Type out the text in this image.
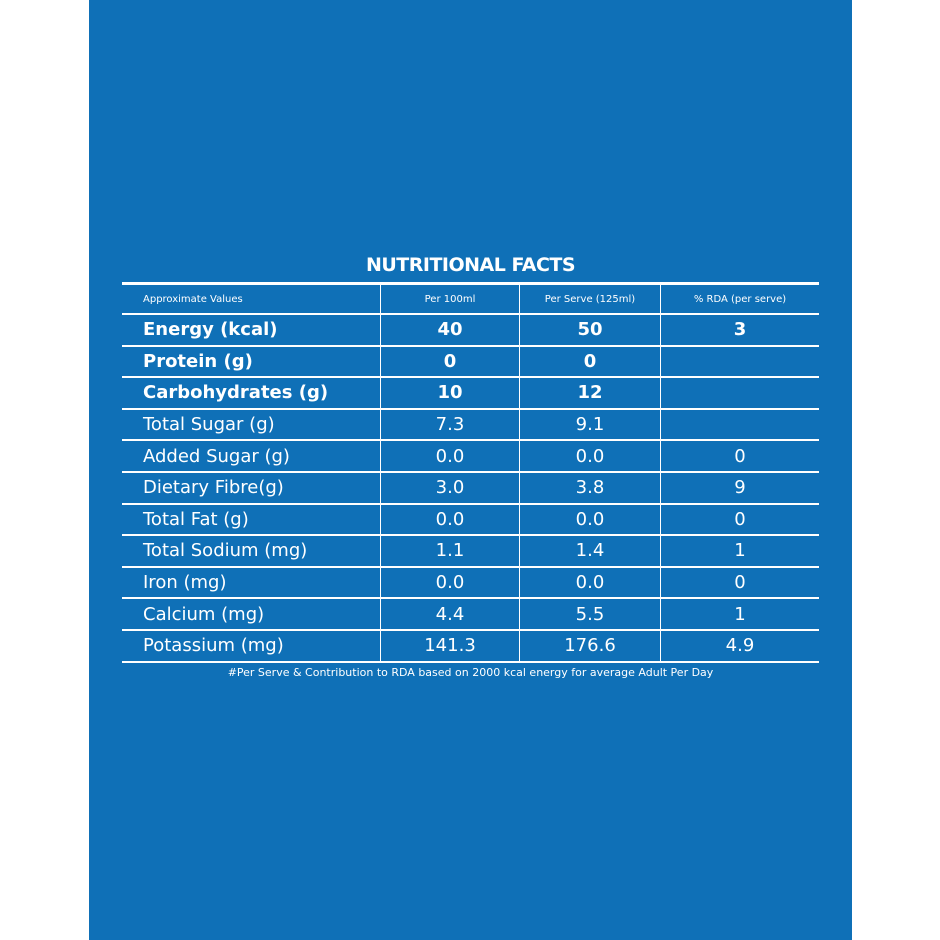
NUTRITIONAL FACTS
Approximate Values	Per 100ml	Per Serve (125ml)	% RDA (per serve)
Energy (kcal)	40	50	3
Protein (g)	0	0
Carbohydrates (g)	10	12
Total Sugar (g)	7.3	9.1
Added Sugar (g)	0.0	0.0	0
Dietary Fibre(g)	3.0	3.8	9
Total Fat (g)	0.0	0.0	0
Total Sodium (mg)	1.1	1.4	1
Iron (mg)	0.0	0.0	0
Calcium (mg)	4.4	5.5	1
Potassium (mg)	141.3	176.6	4.9
#Per Serve & Contribution to RDA based on 2000 kcal energy for average Adult Per Day
